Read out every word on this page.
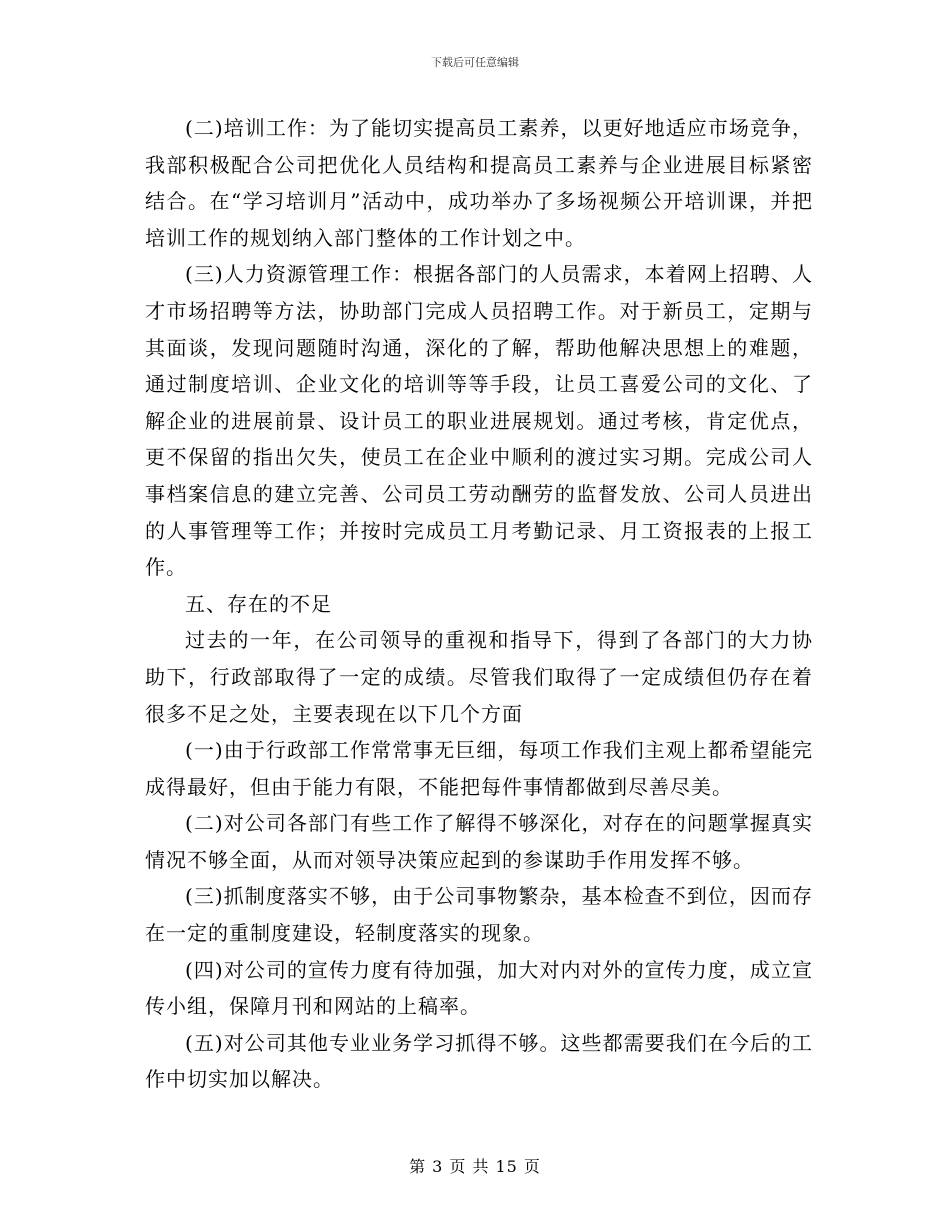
下载后可任意编辑

(二)培训工作：为了能切实提高员工素养，以更好地适应市场竞争，我部积极配合公司把优化人员结构和提高员工素养与企业进展目标紧密结合。在“学习培训月”活动中，成功举办了多场视频公开培训课，并把培训工作的规划纳入部门整体的工作计划之中。

(三)人力资源管理工作：根据各部门的人员需求，本着网上招聘、人才市场招聘等方法，协助部门完成人员招聘工作。对于新员工，定期与其面谈，发现问题随时沟通，深化的了解，帮助他解决思想上的难题，通过制度培训、企业文化的培训等等手段，让员工喜爱公司的文化、了解企业的进展前景、设计员工的职业进展规划。通过考核，肯定优点，更不保留的指出欠失，使员工在企业中顺利的渡过实习期。完成公司人事档案信息的建立完善、公司员工劳动酬劳的监督发放、公司人员进出的人事管理等工作；并按时完成员工月考勤记录、月工资报表的上报工作。

五、存在的不足

过去的一年，在公司领导的重视和指导下，得到了各部门的大力协助下，行政部取得了一定的成绩。尽管我们取得了一定成绩但仍存在着很多不足之处，主要表现在以下几个方面

(一)由于行政部工作常常事无巨细，每项工作我们主观上都希望能完成得最好，但由于能力有限，不能把每件事情都做到尽善尽美。

(二)对公司各部门有些工作了解得不够深化，对存在的问题掌握真实情况不够全面，从而对领导决策应起到的参谋助手作用发挥不够。

(三)抓制度落实不够，由于公司事物繁杂，基本检查不到位，因而存在一定的重制度建设，轻制度落实的现象。

(四)对公司的宣传力度有待加强，加大对内对外的宣传力度，成立宣传小组，保障月刊和网站的上稿率。

(五)对公司其他专业业务学习抓得不够。这些都需要我们在今后的工作中切实加以解决。

第 3 页 共 15 页
